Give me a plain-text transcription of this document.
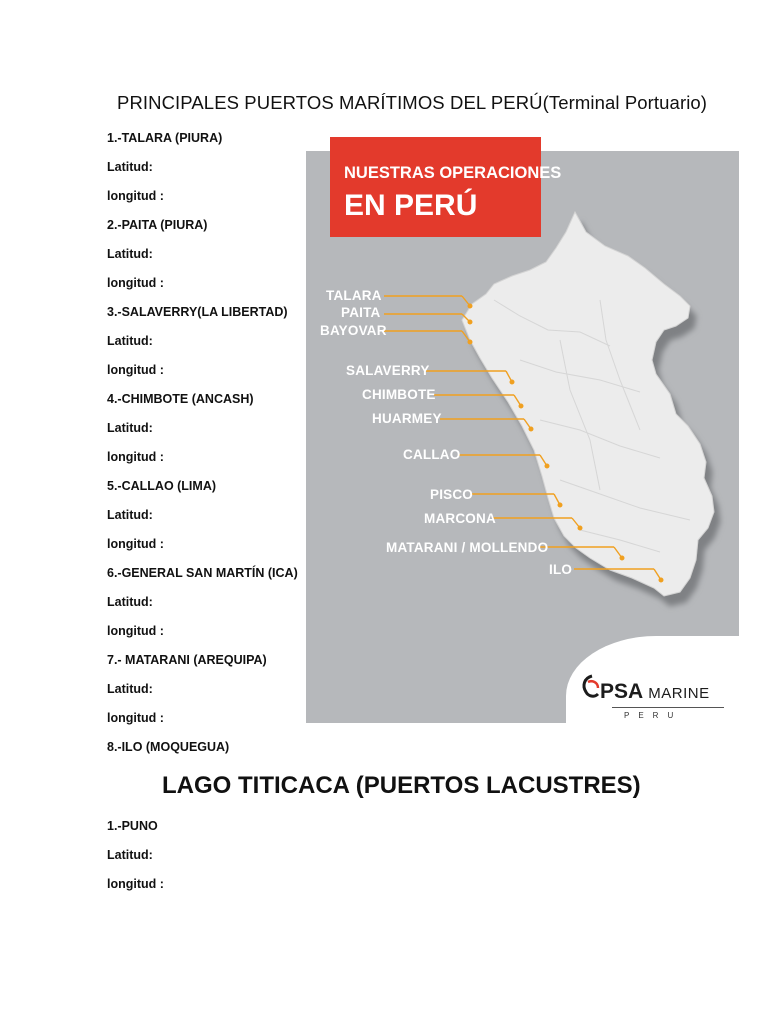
PRINCIPALES PUERTOS MARÍTIMOS DEL PERÚ(Terminal Portuario)
1.-TALARA (PIURA)
Latitud:
longitud :
2.-PAITA (PIURA)
Latitud:
longitud :
3.-SALAVERRY(LA LIBERTAD)
Latitud:
longitud :
4.-CHIMBOTE (ANCASH)
Latitud:
longitud :
5.-CALLAO (LIMA)
Latitud:
longitud :
6.-GENERAL SAN MARTÍN (ICA)
Latitud:
longitud :
7.- MATARANI (AREQUIPA)
Latitud:
longitud :
8.-ILO (MOQUEGUA)
LAGO TITICACA (PUERTOS LACUSTRES)
1.-PUNO
Latitud:
longitud :
NUESTRAS OPERACIONES
EN PERÚ
TALARA
PAITA
BAYOVAR
SALAVERRY
CHIMBOTE
HUARMEY
CALLAO
PISCO
MARCONA
MATARANI / MOLLENDO
ILO
PSA MARINE
PERU
